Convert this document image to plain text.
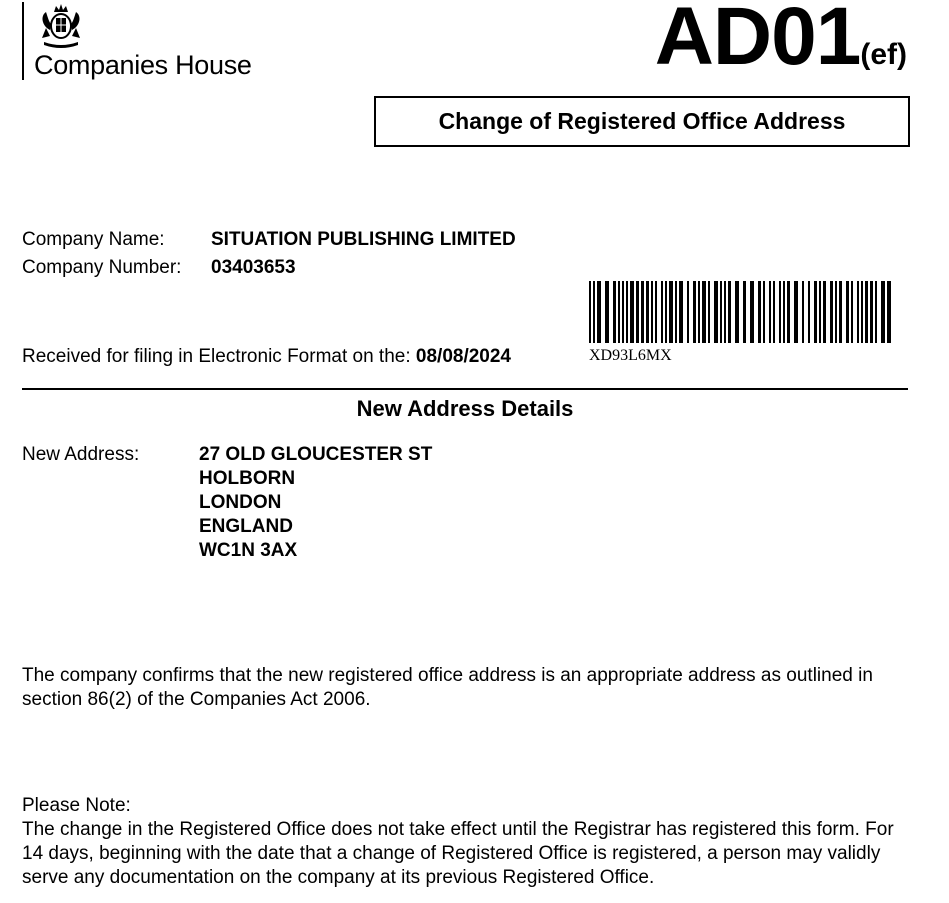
Companies House	AD01(ef)
Change of Registered Office Address
Company Name: SITUATION PUBLISHING LIMITED
Company Number: 03403653
Received for filing in Electronic Format on the: 08/08/2024	XD93L6MX
New Address Details
New Address:	27 OLD GLOUCESTER ST
HOLBORN
LONDON
ENGLAND
WC1N 3AX
The company confirms that the new registered office address is an appropriate address as outlined in section 86(2) of the Companies Act 2006.
Please Note:
The change in the Registered Office does not take effect until the Registrar has registered this form. For 14 days, beginning with the date that a change of Registered Office is registered, a person may validly serve any documentation on the company at its previous Registered Office.
